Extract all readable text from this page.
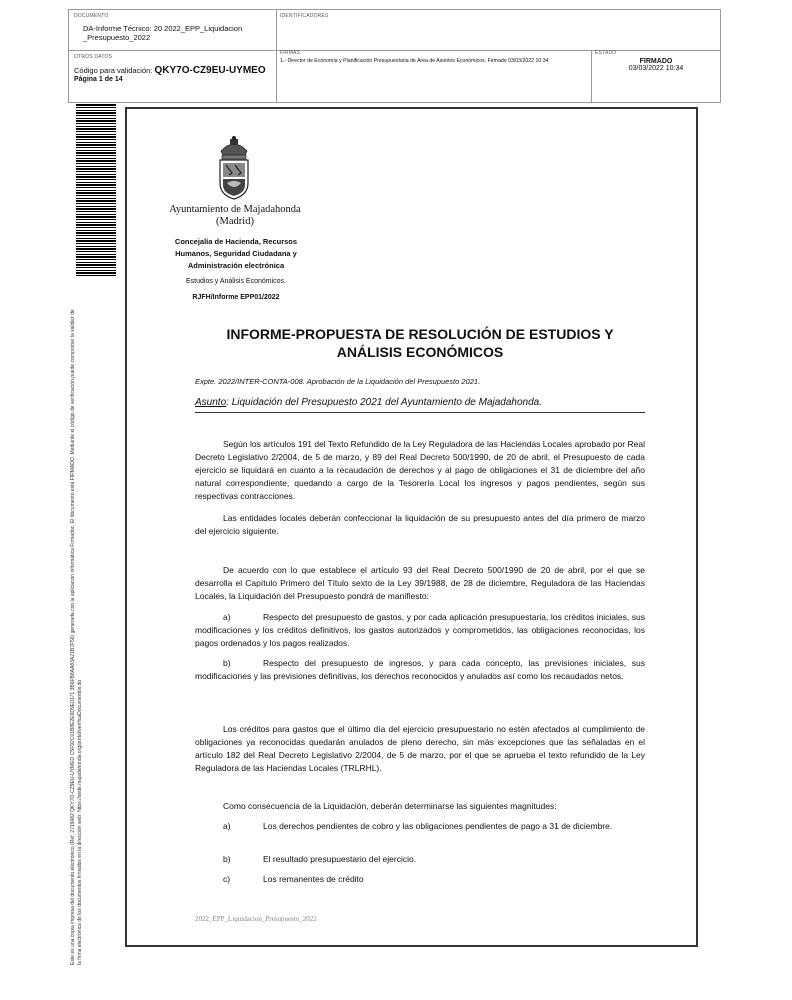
DOCUMENTO
DA-Informe Técnico: 20 2022_EPP_Liquidacion _Presupuesto_2022
IDENTIFICADORES
OTROS DATOS
Código para validación: QKY7O-CZ9EU-UYMEO
Página 1 de 14
FIRMAS
1.- Director de Economía y Planificación Presupuestaria de Area de Asuntos Económicos. Firmado 03/03/2022 10:34
ESTADO
FIRMADO
03/03/2022 10:34
Este es una copia impresa del documento electrónico (Ref: 2719482 QKY7O-CZ9EU-UYMEO C5F92C01B8E2E6D9E0171 3B6FB8AA83A21B7F56) generada con la aplicación informática Firmadoc. El documento está FIRMADO. Mediante el código de verificación puede comprobar la validez de la firma electrónica de los documentos firmados en la dirección web: https://sede.majadahonda.org/portal/verificaDocumentos.do
Ayuntamiento de Majadahonda
(Madrid)
Concejalía de Hacienda, Recursos Humanos, Seguridad Ciudadana y Administración electrónica
Estudios y Análisis Económicos.
RJFH/Informe EPP01/2022
INFORME-PROPUESTA DE RESOLUCIÓN DE ESTUDIOS Y ANÁLISIS ECONÓMICOS
Expte. 2022/INTER-CONTA-008. Aprobación de la Liquidación del Presupuesto 2021.
Asunto: Liquidación del Presupuesto 2021 del Ayuntamiento de Majadahonda.

Según los artículos 191 del Texto Refundido de la Ley Reguladora de las Haciendas Locales aprobado por Real Decreto Legislativo 2/2004, de 5 de marzo, y 89 del Real Decreto 500/1990, de 20 de abril, el Presupuesto de cada ejercicio se liquidará en cuanto a la recaudación de derechos y al pago de obligaciones el 31 de diciembre del año natural correspondiente, quedando a cargo de la Tesorería Local los ingresos y pagos pendientes, según sus respectivas contracciones.

Las entidades locales deberán confeccionar la liquidación de su presupuesto antes del día primero de marzo del ejercicio siguiente.

De acuerdo con lo que establece el artículo 93 del Real Decreto 500/1990 de 20 de abril, por el que se desarrolla el Capítulo Primero del Título sexto de la Ley 39/1988, de 28 de diciembre, Reguladora de las Haciendas Locales, la Liquidación del Presupuesto pondrá de manifiesto:

a)	Respecto del presupuesto de gastos, y por cada aplicación presupuestaria, los créditos iniciales, sus modificaciones y los créditos definitivos, los gastos autorizados y comprometidos, las obligaciones reconocidas, los pagos ordenados y los pagos realizados.
b)	Respecto del presupuesto de ingresos, y para cada concepto, las previsiones iniciales, sus modificaciones y las previsiones definitivas, los derechos reconocidos y anulados así como los recaudados netos.

Los créditos para gastos que el último día del ejercicio presupuestario no estén afectados al cumplimiento de obligaciones ya reconocidas quedarán anulados de pleno derecho, sin más excepciones que las señaladas en el artículo 182 del Real Decreto Legislativo 2/2004, de 5 de marzo, por el que se aprueba el texto refundido de la Ley Reguladora de las Haciendas Locales (TRLRHL).

Como consecuencia de la Liquidación, deberán determinarse las siguientes magnitudes:

a)	Los derechos pendientes de cobro y las obligaciones pendientes de pago a 31 de diciembre.
b)	El resultado presupuestario del ejercicio.
c)	Los remanentes de crédito
2022_EPP_Liquidacion_Presupuesto_2022
